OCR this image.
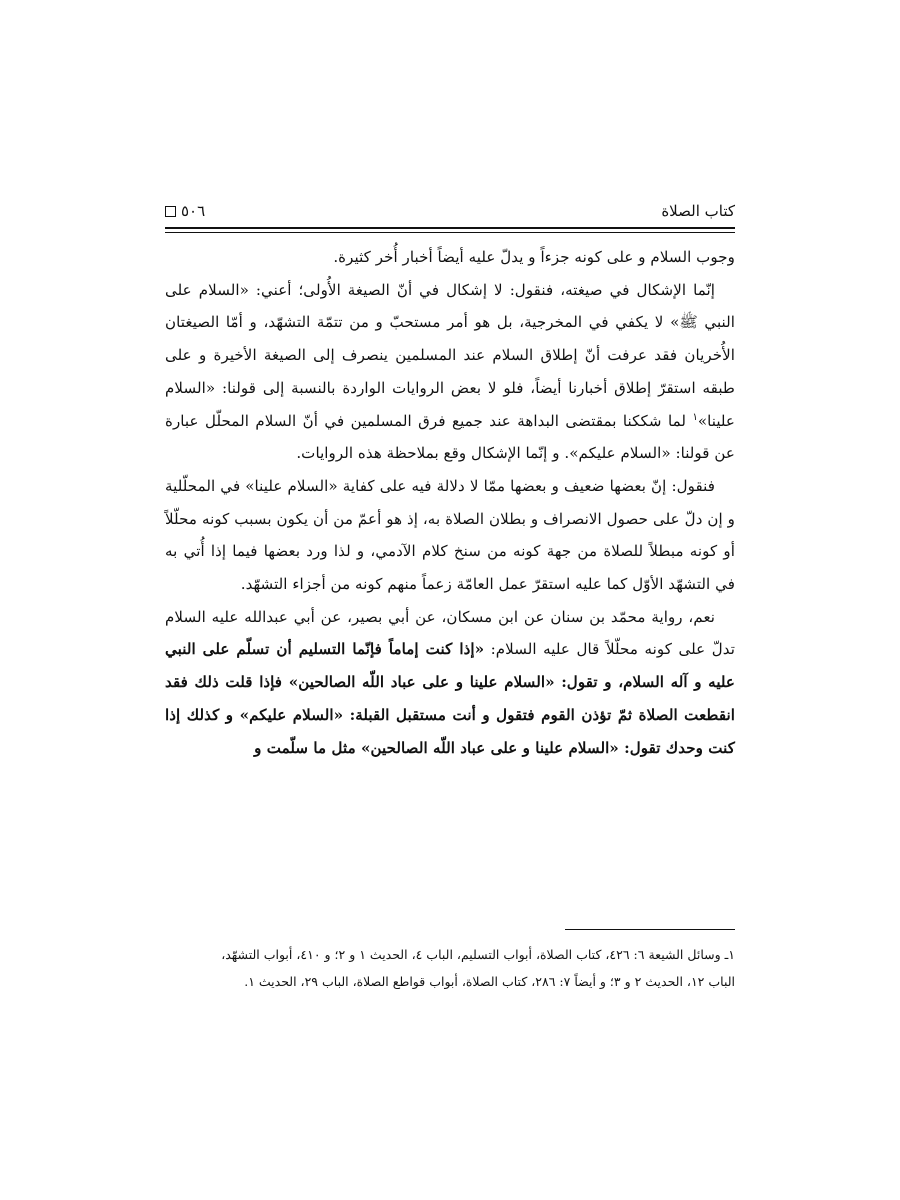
كتاب الصلاة
٥٠٦

وجوب السلام و على كونه جزءاً و يدلّ عليه أيضاً أخبار أُخر كثيرة.

إنّما الإشكال في صيغته، فنقول: لا إشكال في أنّ الصيغة الأُولى؛ أعني: «السلام على النبي ﷺ» لا يكفي في المخرجية، بل هو أمر مستحبّ و من تتمّة التشهّد، و أمّا الصيغتان الأُخريان فقد عرفت أنّ إطلاق السلام عند المسلمين ينصرف إلى الصيغة الأخيرة و على طبقه استقرّ إطلاق أخبارنا أيضاً، فلو لا بعض الروايات الواردة بالنسبة إلى قولنا: «السلام علينا»$^١$ لما شككنا بمقتضى البداهة عند جميع فرق المسلمين في أنّ السلام المحلّل عبارة عن قولنا: «السلام عليكم». و إنّما الإشكال وقع بملاحظة هذه الروايات.

فنقول: إنّ بعضها ضعيف و بعضها ممّا لا دلالة فيه على كفاية «السلام علينا» في المحلّلية و إن دلّ على حصول الانصراف و بطلان الصلاة به، إذ هو أعمّ من أن يكون بسبب كونه محلّلاً أو كونه مبطلاً للصلاة من جهة كونه من سنخ كلام الآدمي، و لذا ورد بعضها فيما إذا أُتي به في التشهّد الأوّل كما عليه استقرّ عمل العامّة زعماً منهم كونه من أجزاء التشهّد.

نعم، رواية محمّد بن سنان عن ابن مسكان، عن أبي بصير، عن أبي عبدالله عليه السلام تدلّ على كونه محلّلاً قال عليه السلام: «إذا كنت إماماً فإنّما التسليم أن تسلّم على النبي عليه و آله السلام، و تقول: «السلام علينا و على عباد اللّه الصالحين» فإذا قلت ذلك فقد انقطعت الصلاة ثمّ تؤذن القوم فتقول و أنت مستقبل القبلة: «السلام عليكم» و كذلك إذا كنت وحدك تقول: «السلام علينا و على عباد اللّه الصالحين» مثل ما سلّمت و

١ـ وسائل الشيعة ٦: ٤٢٦، كتاب الصلاة، أبواب التسليم، الباب ٤، الحديث ١ و ٢؛ و ٤١٠، أبواب التشهّد،

الباب ١٢، الحديث ٢ و ٣؛ و أيضاً ٧: ٢٨٦، كتاب الصلاة، أبواب قواطع الصلاة، الباب ٢٩، الحديث ١.
